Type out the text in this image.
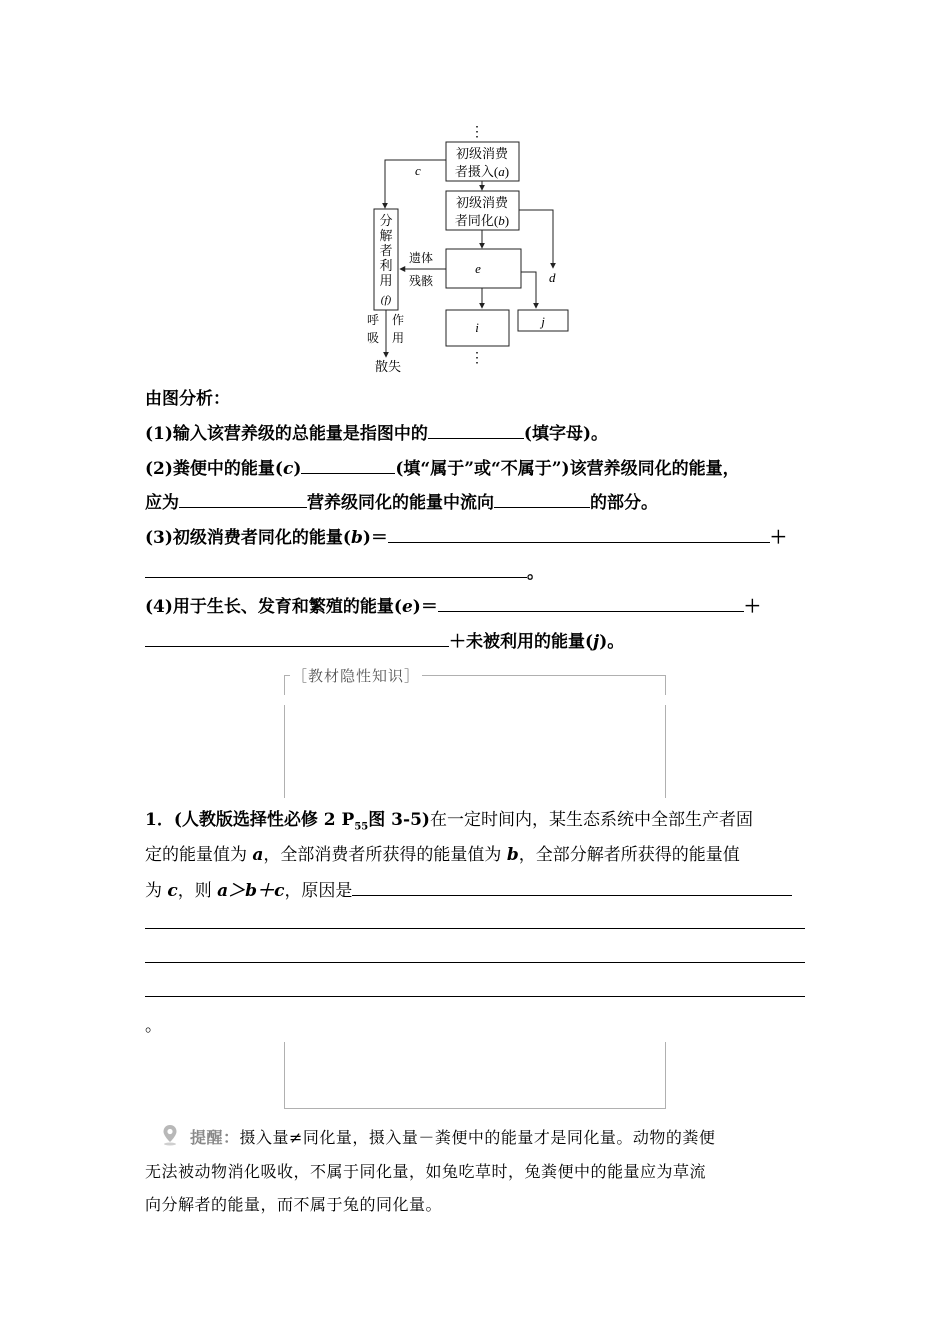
⋮
初级消费
者摄入(a)
初级消费
者同化(b)
c
分
解
者
利
用
(f)
d
e
遗体
残骸
j
i
⋮
呼
吸
作
用
散失
由图分析：
(1)输入该营养级的总能量是指图中的	(填字母)。
(2)粪便中的能量(c)	(填“属于”或“不属于”)该营养级同化的能量，
应为	营养级同化的能量中流向	的部分。
(3)初级消费者同化的能量(b)＝	＋
。
(4)用于生长、发育和繁殖的能量(e)＝	＋
＋未被利用的能量(j)。
［教材隐性知识］
1．(人教版选择性必修 2 $P_{55}$图 3-5)在一定时间内，某生态系统中全部生产者固
定的能量值为 a，全部消费者所获得的能量值为 b，全部分解者所获得的能量值
为 c，则 a＞b＋c，原因是
。
提醒：摄入量≠同化量，摄入量－粪便中的能量才是同化量。动物的粪便
无法被动物消化吸收，不属于同化量，如兔吃草时，兔粪便中的能量应为草流
向分解者的能量，而不属于兔的同化量。
